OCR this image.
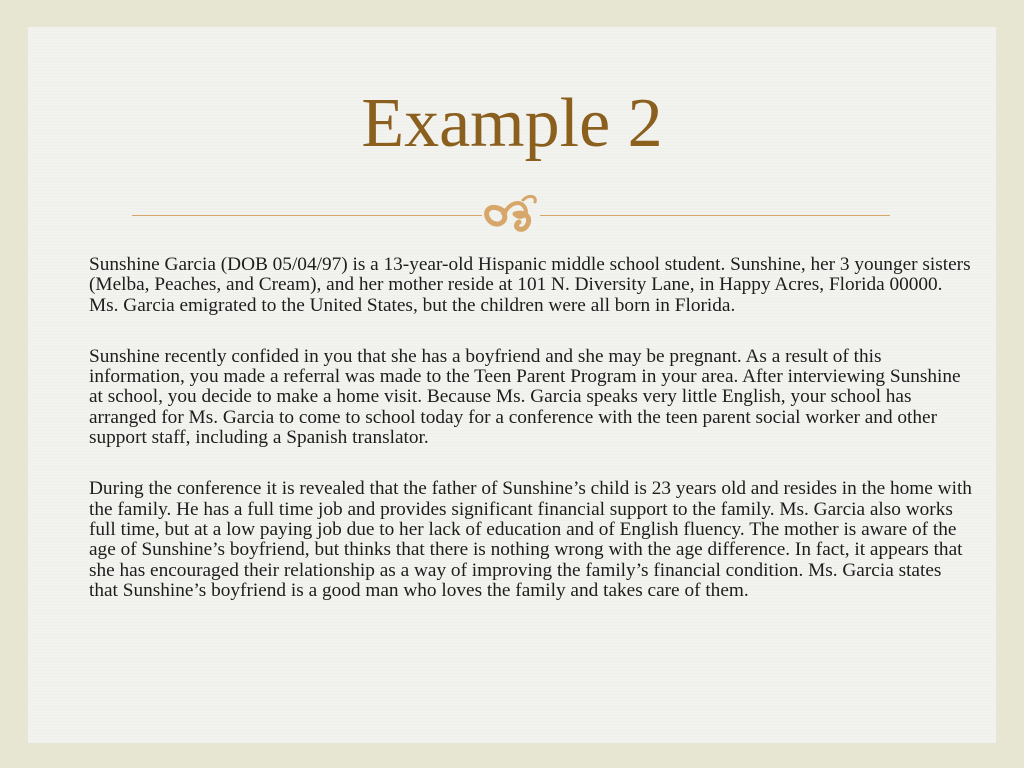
Example 2

Sunshine Garcia (DOB 05/04/97) is a 13-year-old Hispanic middle school student. Sunshine, her 3 younger sisters (Melba, Peaches, and Cream), and her mother reside at 101 N. Diversity Lane, in Happy Acres, Florida 00000. Ms. Garcia emigrated to the United States, but the children were all born in Florida.

Sunshine recently confided in you that she has a boyfriend and she may be pregnant. As a result of this information, you made a referral was made to the Teen Parent Program in your area. After interviewing Sunshine at school, you decide to make a home visit. Because Ms. Garcia speaks very little English, your school has arranged for Ms. Garcia to come to school today for a conference with the teen parent social worker and other support staff, including a Spanish translator.

During the conference it is revealed that the father of Sunshine’s child is 23 years old and resides in the home with the family. He has a full time job and provides significant financial support to the family. Ms. Garcia also works full time, but at a low paying job due to her lack of education and of English fluency. The mother is aware of the age of Sunshine’s boyfriend, but thinks that there is nothing wrong with the age difference. In fact, it appears that she has encouraged their relationship as a way of improving the family’s financial condition. Ms. Garcia states that Sunshine’s boyfriend is a good man who loves the family and takes care of them.
